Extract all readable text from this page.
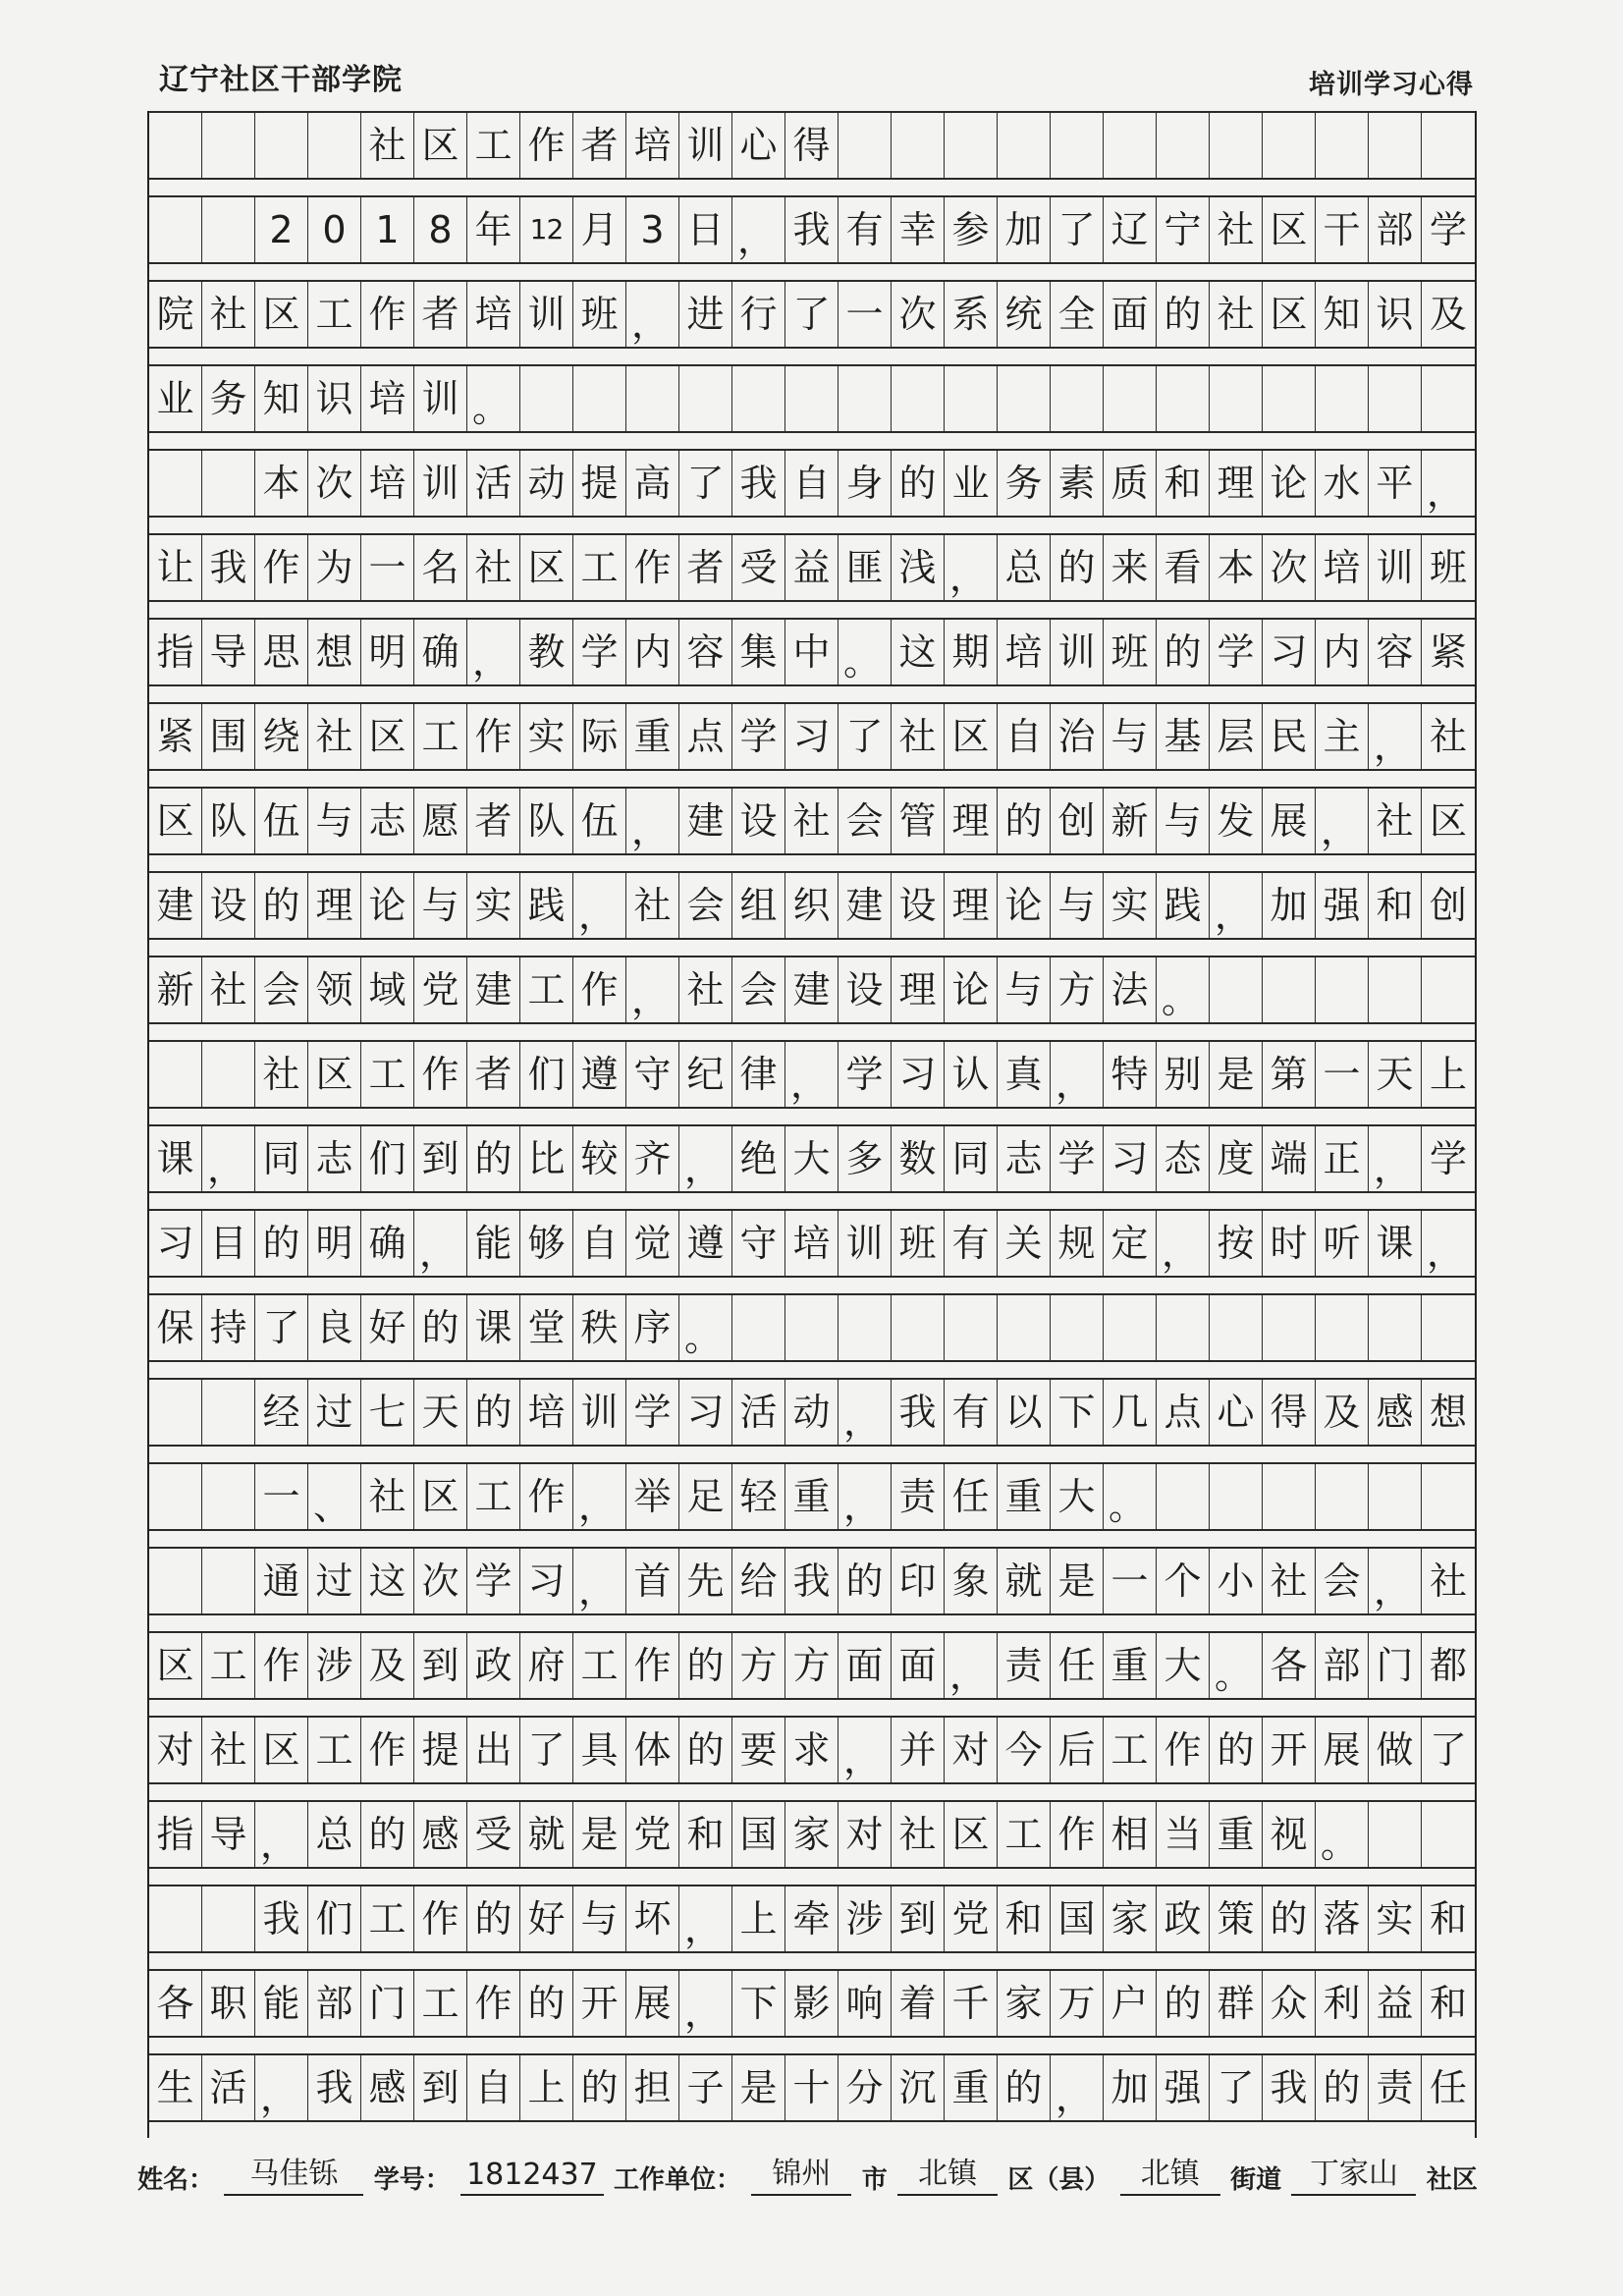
辽宁社区干部学院	培训学习心得
社 区 工 作 者 培 训 心 得
2 0 1 8 年 12 月 3 日 ， 我 有 幸 参 加 了 辽 宁 社 区 干 部 学
院 社 区 工 作 者 培 训 班 ， 进 行 了 一 次 系 统 全 面 的 社 区 知 识 及
业 务 知 识 培 训 。
本 次 培 训 活 动 提 高 了 我 自 身 的 业 务 素 质 和 理 论 水 平 ，
让 我 作 为 一 名 社 区 工 作 者 受 益 匪 浅 ， 总 的 来 看 本 次 培 训 班
指 导 思 想 明 确 ， 教 学 内 容 集 中 。 这 期 培 训 班 的 学 习 内 容 紧
紧 围 绕 社 区 工 作 实 际 重 点 学 习 了 社 区 自 治 与 基 层 民 主 ， 社
区 队 伍 与 志 愿 者 队 伍 ， 建 设 社 会 管 理 的 创 新 与 发 展 ， 社 区
建 设 的 理 论 与 实 践 ， 社 会 组 织 建 设 理 论 与 实 践 ， 加 强 和 创
新 社 会 领 域 党 建 工 作 ， 社 会 建 设 理 论 与 方 法 。
社 区 工 作 者 们 遵 守 纪 律 ， 学 习 认 真 ， 特 别 是 第 一 天 上
课 ， 同 志 们 到 的 比 较 齐 ， 绝 大 多 数 同 志 学 习 态 度 端 正 ， 学
习 目 的 明 确 ， 能 够 自 觉 遵 守 培 训 班 有 关 规 定 ， 按 时 听 课 ，
保 持 了 良 好 的 课 堂 秩 序 。
经 过 七 天 的 培 训 学 习 活 动 ， 我 有 以 下 几 点 心 得 及 感 想
一 、 社 区 工 作 ， 举 足 轻 重 ， 责 任 重 大 。
通 过 这 次 学 习 ， 首 先 给 我 的 印 象 就 是 一 个 小 社 会 ， 社
区 工 作 涉 及 到 政 府 工 作 的 方 方 面 面 ， 责 任 重 大 。 各 部 门 都
对 社 区 工 作 提 出 了 具 体 的 要 求 ， 并 对 今 后 工 作 的 开 展 做 了
指 导 ， 总 的 感 受 就 是 党 和 国 家 对 社 区 工 作 相 当 重 视 。
我 们 工 作 的 好 与 坏 ， 上 牵 涉 到 党 和 国 家 政 策 的 落 实 和
各 职 能 部 门 工 作 的 开 展 ， 下 影 响 着 千 家 万 户 的 群 众 利 益 和
生 活 ， 我 感 到 自 上 的 担 子 是 十 分 沉 重 的 ， 加 强 了 我 的 责 任
姓名：	马佳铄	学号： 1812437 工作单位：	锦州	市	北镇	区（县）	北镇	街道 丁家山	社区
